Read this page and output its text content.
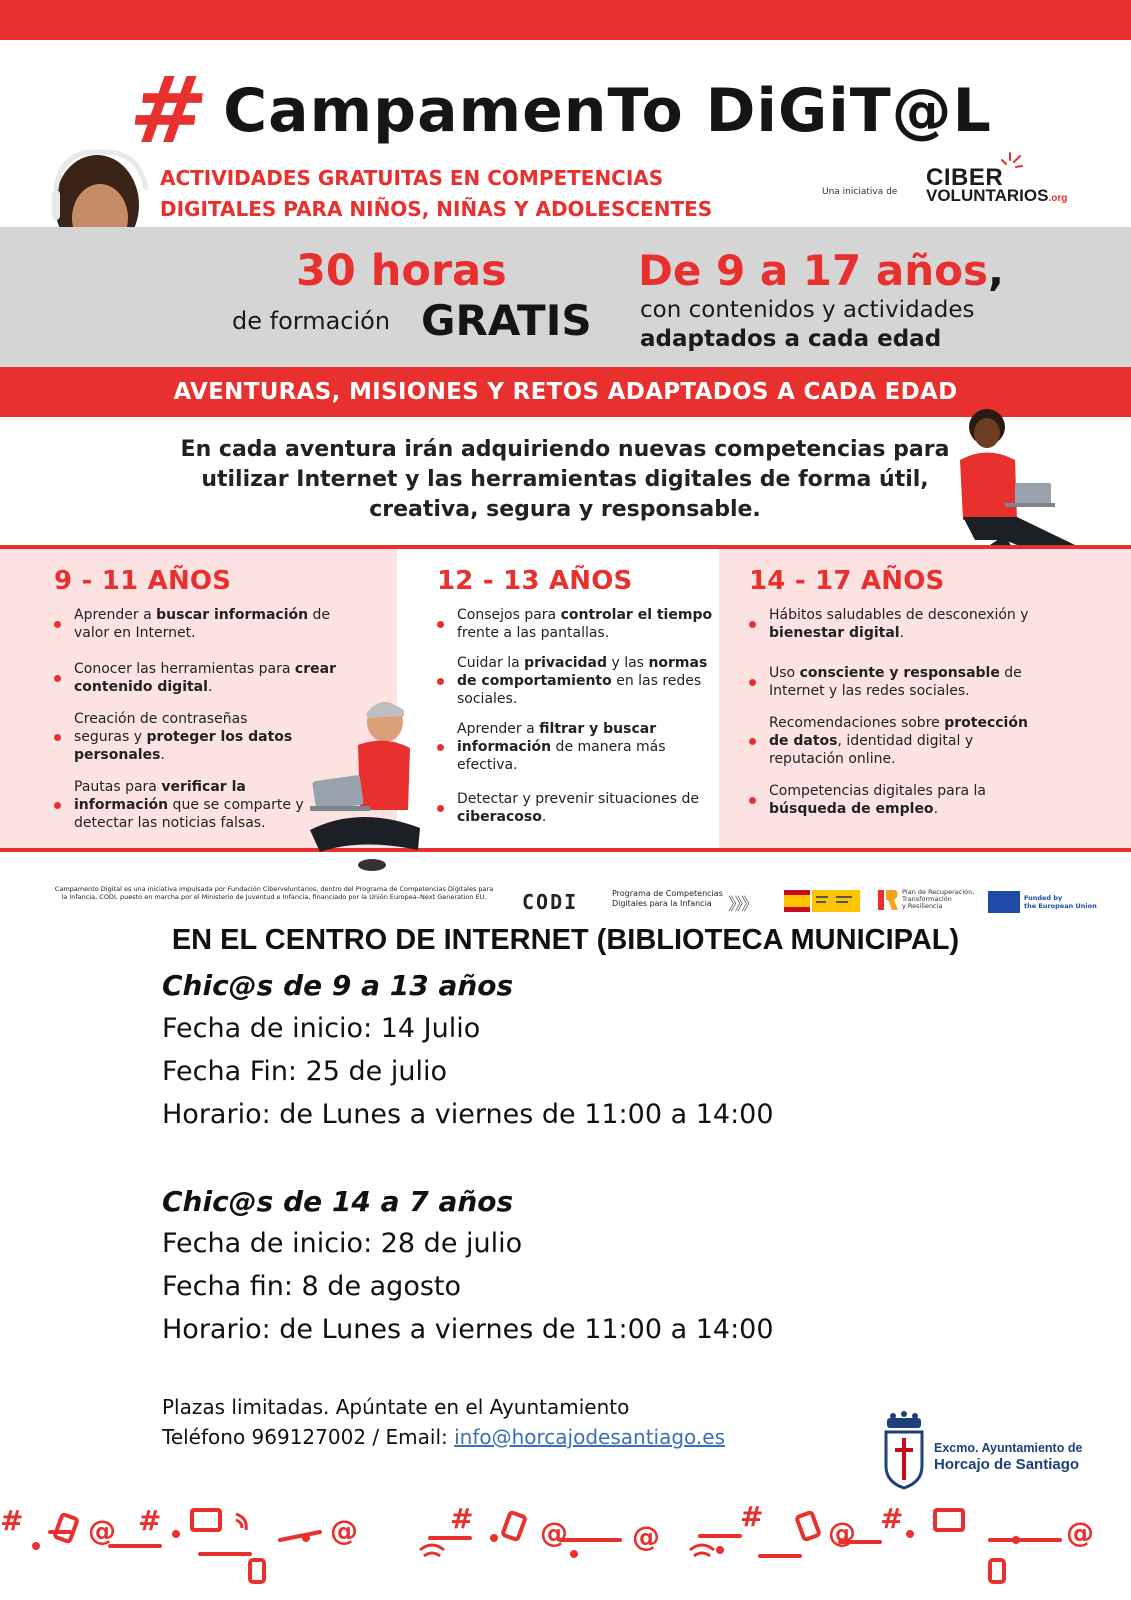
# CampamenTo DiGiT@L
ACTIVIDADES GRATUITAS EN COMPETENCIAS
DIGITALES PARA NIÑOS, NIÑAS Y ADOLESCENTES
Una iniciativa de
CIBER
VOLUNTARIOS.org
30 horas
de formación GRATIS
De 9 a 17 años,
con contenidos y actividades
adaptados a cada edad
AVENTURAS, MISIONES Y RETOS ADAPTADOS A CADA EDAD
En cada aventura irán adquiriendo nuevas competencias para utilizar Internet y las herramientas digitales de forma útil, creativa, segura y responsable.
9 - 11 AÑOS
Aprender a buscar información de valor en Internet.
Conocer las herramientas para crear contenido digital.
Creación de contraseñas seguras y proteger los datos personales.
Pautas para verificar la información que se comparte y detectar las noticias falsas.
12 - 13 AÑOS
Consejos para controlar el tiempo frente a las pantallas.
Cuidar la privacidad y las normas de comportamiento en las redes sociales.
Aprender a filtrar y buscar información de manera más efectiva.
Detectar y prevenir situaciones de ciberacoso.
14 - 17 AÑOS
Hábitos saludables de desconexión y bienestar digital.
Uso consciente y responsable de Internet y las redes sociales.
Recomendaciones sobre protección de datos, identidad digital y reputación online.
Competencias digitales para la búsqueda de empleo.
Campamento Digital es una iniciativa impulsada por Fundación Ciberveluntarios, dentro del Programa de Competencias Digitales para la Infancia, CODI, puesto en marcha por el Ministerio de Juventud e Infancia, financiado por la Unión Europea–Next Generation EU.	CODI	Programa de Competencias
Digitales para la Infancia 》》》
Plan de Recuperación,
Transformación
y Resiliencia
Funded by
the European Union
EN EL CENTRO DE INTERNET (BIBLIOTECA MUNICIPAL)
Chic@s de 9 a 13 años
Fecha de inicio: 14 Julio
Fecha Fin: 25 de julio
Horario: de Lunes a viernes de 11:00 a 14:00
Chic@s de 14 a 7 años
Fecha de inicio: 28 de julio
Fecha fin: 8 de agosto
Horario: de Lunes a viernes de 11:00 a 14:00
Plazas limitadas. Apúntate en el Ayuntamiento
Teléfono 969127002 / Email: info@horcajodesantiago.es	Excmo. Ayuntamiento de
Horcajo de Santiago
#	#	#	#	#
@	@	@ @	@	@
